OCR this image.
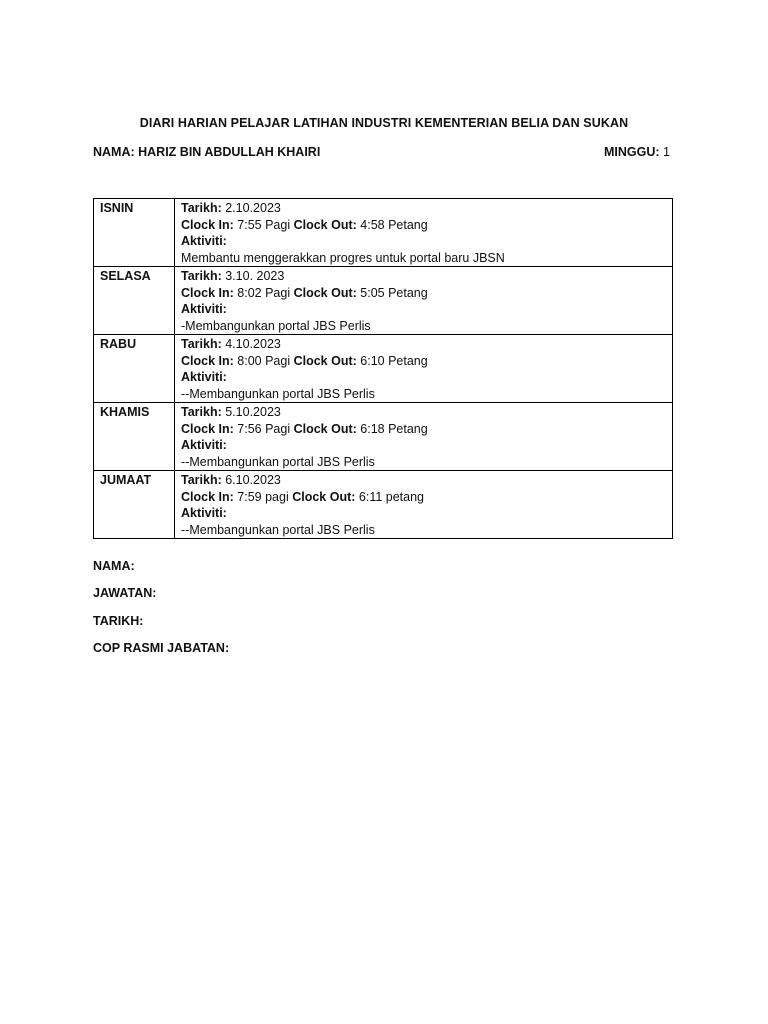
DIARI HARIAN PELAJAR LATIHAN INDUSTRI KEMENTERIAN BELIA DAN SUKAN
NAMA: HARIZ BIN ABDULLAH KHAIRI	MINGGU: 1
ISNIN	Tarikh: 2.10.2023
Clock In: 7:55 Pagi Clock Out: 4:58 Petang
Aktiviti:
Membantu menggerakkan progres untuk portal baru JBSN

SELASA	Tarikh: 3.10. 2023
Clock In: 8:02 Pagi Clock Out: 5:05 Petang
Aktiviti:
-Membangunkan portal JBS Perlis

RABU	Tarikh: 4.10.2023
Clock In: 8:00 Pagi Clock Out: 6:10 Petang
Aktiviti:
--Membangunkan portal JBS Perlis

KHAMIS	Tarikh: 5.10.2023
Clock In: 7:56 Pagi Clock Out: 6:18 Petang
Aktiviti:
--Membangunkan portal JBS Perlis

JUMAAT	Tarikh: 6.10.2023
Clock In: 7:59 pagi Clock Out: 6:11 petang
Aktiviti:
--Membangunkan portal JBS Perlis
NAMA:
JAWATAN:
TARIKH:
COP RASMI JABATAN:
